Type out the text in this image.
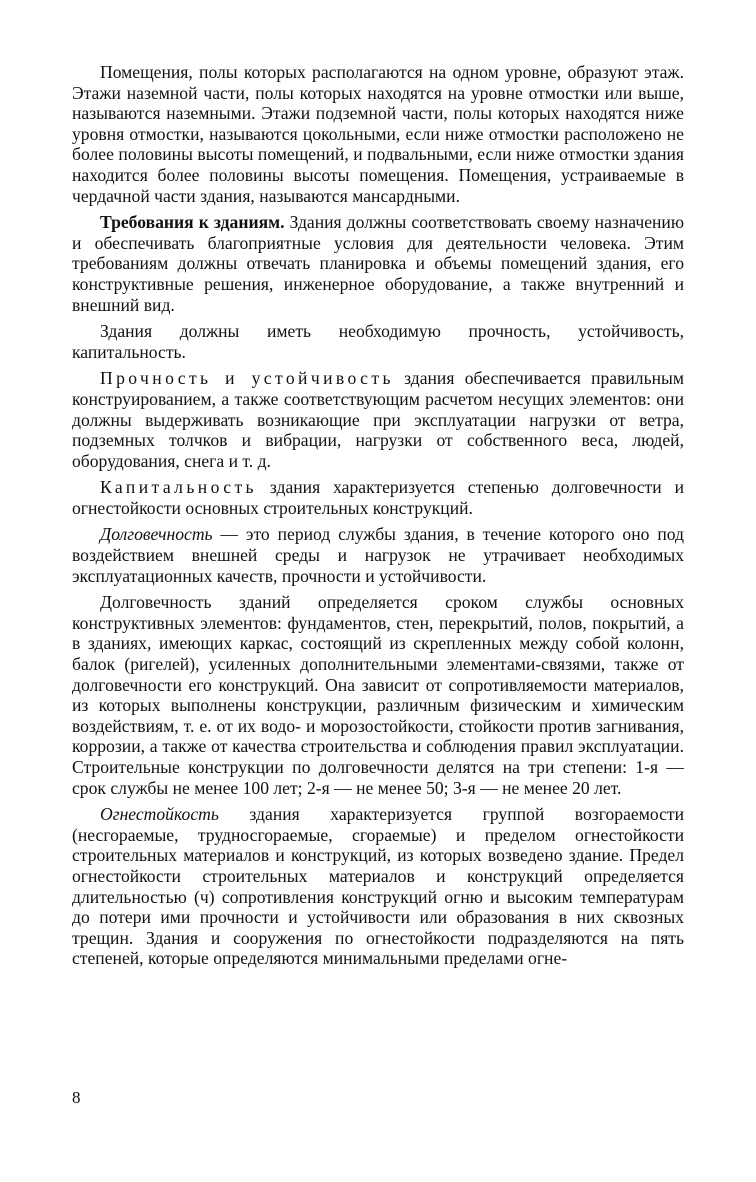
Помещения, полы которых располагаются на одном уровне, образуют этаж. Этажи наземной части, полы которых находятся на уровне отмостки или выше, называются наземными. Этажи подземной части, полы которых находятся ниже уровня отмостки, называются цокольными, если ниже отмостки расположено не более половины высоты помещений, и подвальными, если ниже отмостки здания находится более половины высоты помещения. Помещения, устраиваемые в чердачной части здания, называются мансардными.

Требования к зданиям. Здания должны соответствовать своему назначению и обеспечивать благоприятные условия для деятельности человека. Этим требованиям должны отвечать планировка и объемы помещений здания, его конструктивные решения, инженерное оборудование, а также внутренний и внешний вид.

Здания должны иметь необходимую прочность, устойчивость, капитальность.

Прочность и устойчивость здания обеспечивается правильным конструированием, а также соответствующим расчетом несущих элементов: они должны выдерживать возникающие при эксплуатации нагрузки от ветра, подземных толчков и вибрации, нагрузки от собственного веса, людей, оборудования, снега и т. д.

Капитальность здания характеризуется степенью долговечности и огнестойкости основных строительных конструкций.

Долговечность — это период службы здания, в течение которого оно под воздействием внешней среды и нагрузок не утрачивает необходимых эксплуатационных качеств, прочности и устойчивости.

Долговечность зданий определяется сроком службы основных конструктивных элементов: фундаментов, стен, перекрытий, полов, покрытий, а в зданиях, имеющих каркас, состоящий из скрепленных между собой колонн, балок (ригелей), усиленных дополнительными элементами-связями, также от долговечности его конструкций. Она зависит от сопротивляемости материалов, из которых выполнены конструкции, различным физическим и химическим воздействиям, т. е. от их водо- и морозостойкости, стойкости против загнивания, коррозии, а также от качества строительства и соблюдения правил эксплуатации. Строительные конструкции по долговечности делятся на три степени: 1-я — срок службы не менее 100 лет; 2-я — не менее 50; 3-я — не менее 20 лет.

Огнестойкость здания характеризуется группой возгораемости (несгораемые, трудносгораемые, сгораемые) и пределом огнестойкости строительных материалов и конструкций, из которых возведено здание. Предел огнестойкости строительных материалов и конструкций определяется длительностью (ч) сопротивления конструкций огню и высоким температурам до потери ими прочности и устойчивости или образования в них сквозных трещин. Здания и сооружения по огнестойкости подразделяются на пять степеней, которые определяются минимальными пределами огне-

8
